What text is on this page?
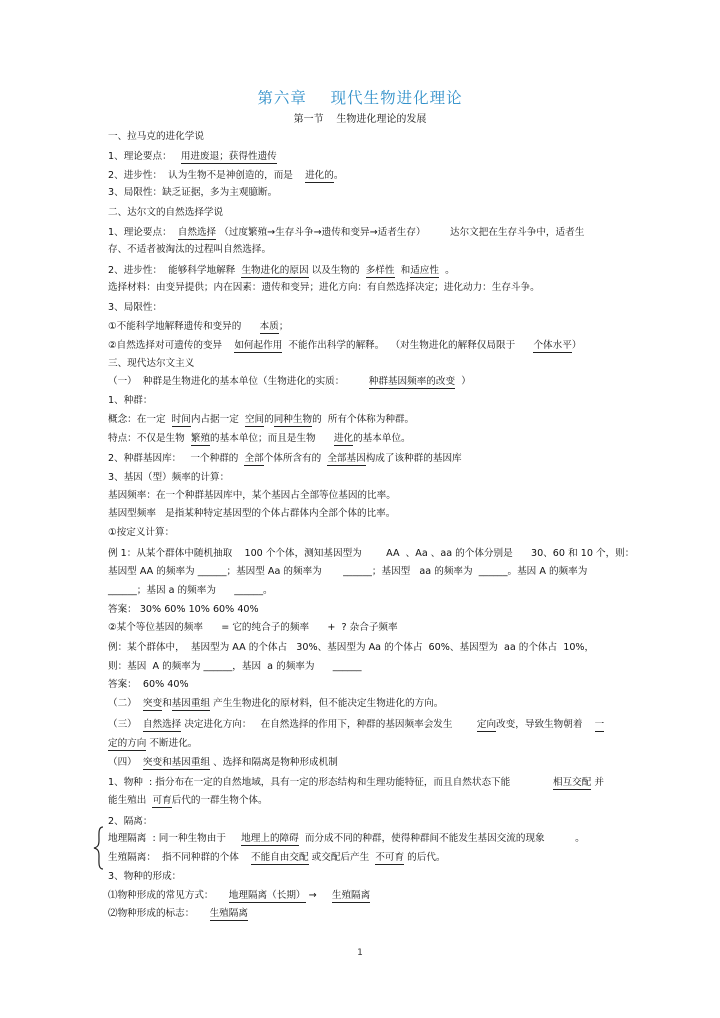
第六章    现代生物进化理论
第一节    生物进化理论的发展
一、拉马克的进化学说
1、理论要点：   用进废退；获得性遗传
2、进步性：  认为生物不是神创造的，而是    进化的。
3、局限性：缺乏证据，多为主观臆断。
二、达尔文的自然选择学说
1、理论要点：  自然选择 （过度繁殖→生存斗争→遗传和变异→适者生存）        达尔文把在生存斗争中，适者生
存、不适者被淘汰的过程叫自然选择。
2、进步性：  能够科学地解释  生物进化的原因 以及生物的  多样性  和适应性  。
选择材料：由变异提供；内在因素：遗传和变异；进化方向：有自然选择决定；进化动力：生存斗争。
3、局限性：
①不能科学地解释遗传和变异的      本质；
②自然选择对可遗传的变异    如何起作用  不能作出科学的解释。  （对生物进化的解释仅局限于      个体水平）
三、现代达尔文主义
（一）  种群是生物进化的基本单位（生物进化的实质：        种群基因频率的改变  ）
1、种群：
概念：在一定  时间内占据一定  空间的同种生物的  所有个体称为种群。
特点：不仅是生物  繁殖的基本单位；而且是生物      进化的基本单位。
2、种群基因库：   一个种群的  全部个体所含有的  全部基因构成了该种群的基因库
3、基因（型）频率的计算：
基因频率：在一个种群基因库中，某个基因占全部等位基因的比率。
基因型频率   是指某种特定基因型的个体占群体内全部个体的比率。
①按定义计算：
例 1：从某个群体中随机抽取    100 个个体，测知基因型为        AA  、Aa 、aa 的个体分别是      30、60 和 10 个，则：
基因型 AA 的频率为 ______；基因型 Aa 的频率为       ______；基因型   aa 的频率为  ______。基因 A 的频率为
______；基因 a 的频率为      ______。
答案： 30% 60% 10% 60% 40%
②某个等位基因的频率      = 它的纯合子的频率      +  ? 杂合子频率
例：某个群体中，  基因型为 AA 的个体占   30%、基因型为 Aa 的个体占  60%、基因型为  aa 的个体占  10%，
则：基因  A 的频率为 ______，基因  a 的频率为      ______
答案：  60% 40%
（二）  突变和基因重组 产生生物进化的原材料，但不能决定生物进化的方向。
（三）  自然选择 决定进化方向：   在自然选择的作用下，种群的基因频率会发生        定向改变，导致生物朝着    一
定的方向 不断进化。
（四）  突变和基因重组 、选择和隔离是物种形成机制
1、物种  : 指分布在一定的自然地域，具有一定的形态结构和生理功能特征，而且自然状态下能              相互交配 并
能生殖出  可育后代的一群生物个体。
2、隔离：
地理隔离  : 同一种生物由于     地理上的障碍  而分成不同的种群，使得种群间不能发生基因交流的现象          。
生殖隔离：  指不同种群的个体    不能自由交配 或交配后产生  不可育 的后代。
3、物种的形成：
⑴物种形成的常见方式：     地理隔离（长期） →     生殖隔离
⑵物种形成的标志：     生殖隔离
1
